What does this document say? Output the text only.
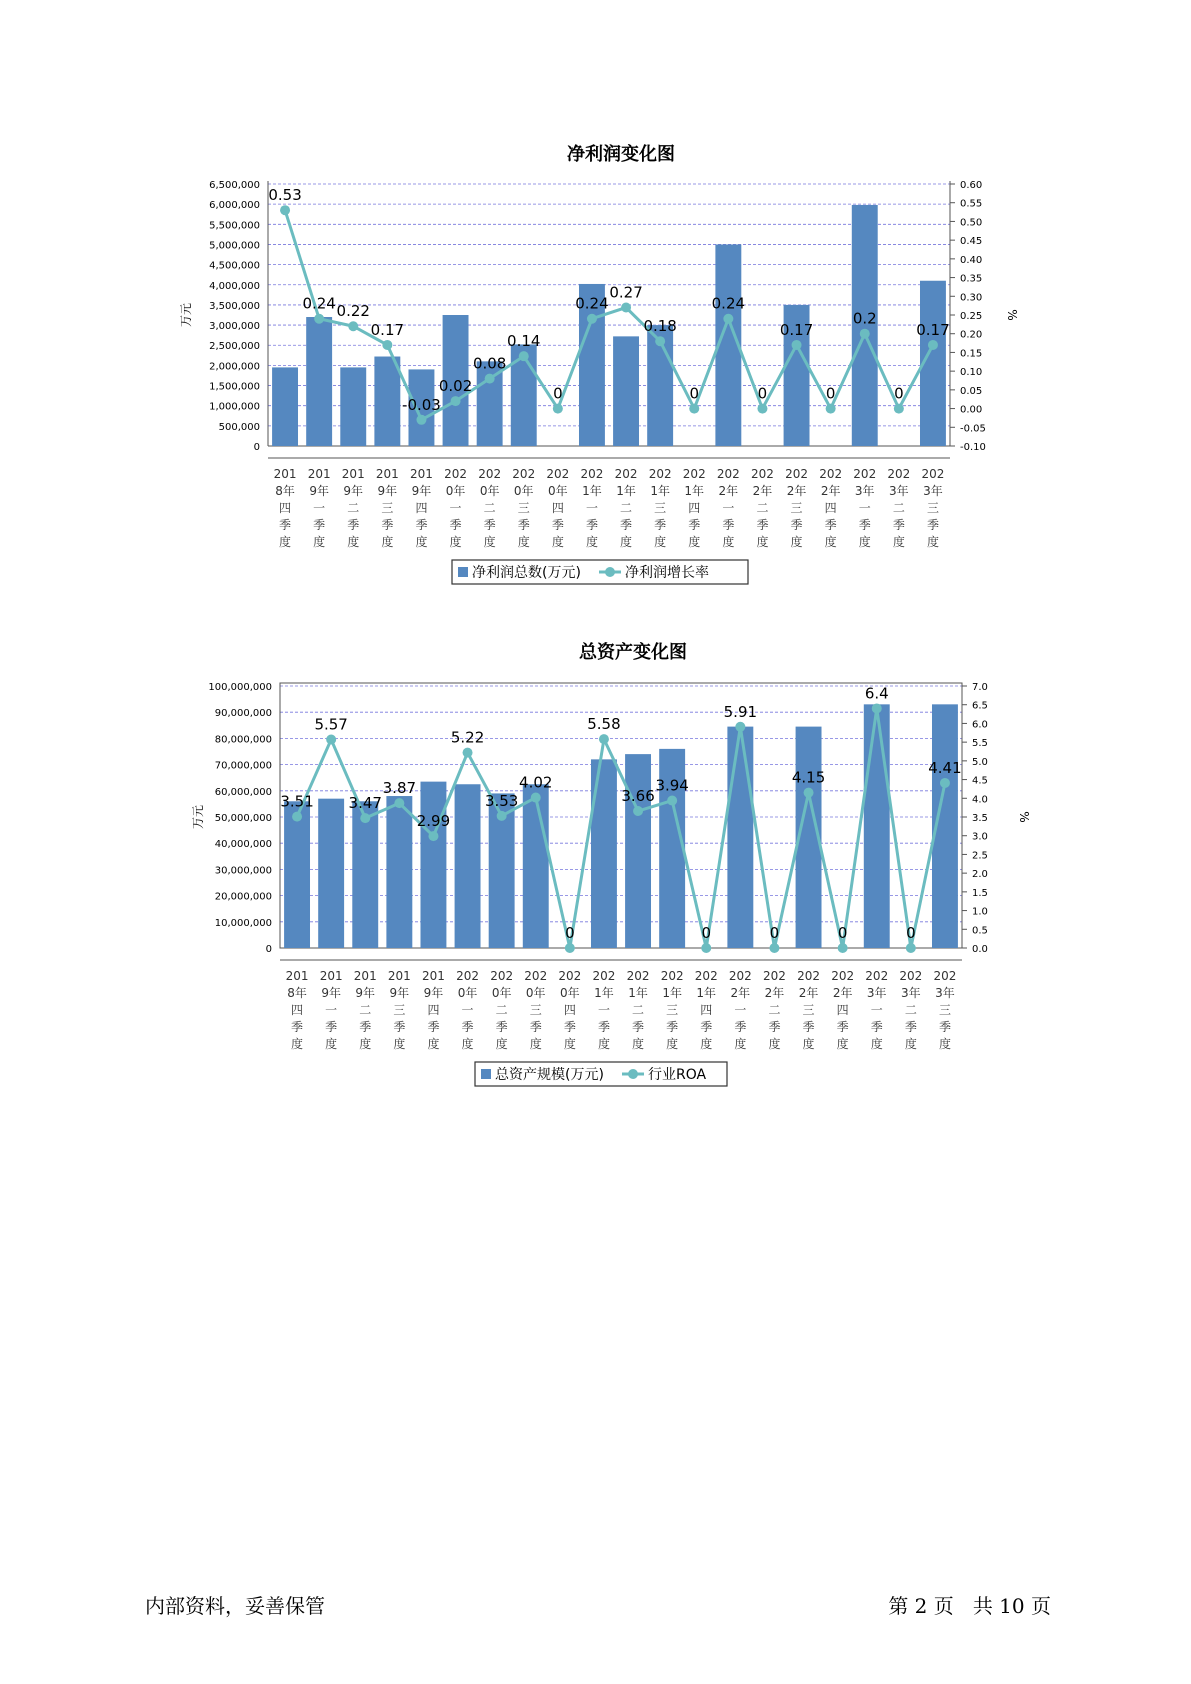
净利润变化图
0
500,000
1,000,000
1,500,000
2,000,000
2,500,000
3,000,000
3,500,000
4,000,000
4,500,000
5,000,000
5,500,000
6,000,000
6,500,000
-0.10
-0.05
0.00
0.05
0.10
0.15
0.20
0.25
0.30
0.35
0.40
0.45
0.50
0.55
0.60
万元	%
201 8年四季度
201 9年一季度
201 9年二季度
201 9年三季度
201 9年四季度
202 0年一季度
202 0年二季度
202 0年三季度
202 0年四季度
202 1年一季度
202 1年二季度
202 1年三季度
202 1年四季度
202 2年一季度
202 2年二季度
202 2年三季度
202 2年四季度
202 3年一季度
202 3年二季度
202 3年三季度
0.53
0.24 0.22
0.17
-0.03
0.02
0.08
0.14
0
0.24
0.27
0.18
0
0.24
0
0.17
0
0.2
0
0.17
净利润总数(万元)	净利润增长率
总资产变化图
0
10,000,000
20,000,000
30,000,000
40,000,000
50,000,000
60,000,000
70,000,000
80,000,000
90,000,000
100,000,000
0.0
0.5
1.0
1.5
2.0
2.5
3.0
3.5
4.0
4.5
5.0
5.5
6.0
6.5
7.0
万元	%
201 8年四季度
201 9年一季度
201 9年二季度
201 9年三季度
201 9年四季度
202 0年一季度
202 0年二季度
202 0年三季度
202 0年四季度
202 1年一季度
202 1年二季度
202 1年三季度
202 1年四季度
202 2年一季度
202 2年二季度
202 2年三季度
202 2年四季度
202 3年一季度
202 3年二季度
202 3年三季度
3.51
5.57
3.47
3.87
2.99
5.22
3.53
4.02
0
5.58
3.66
3.94
0
5.91
0
4.15
0
6.4
0
4.41
总资产规模(万元)	行业ROA
内部资料，妥善保管	第 2 页   共 10 页
